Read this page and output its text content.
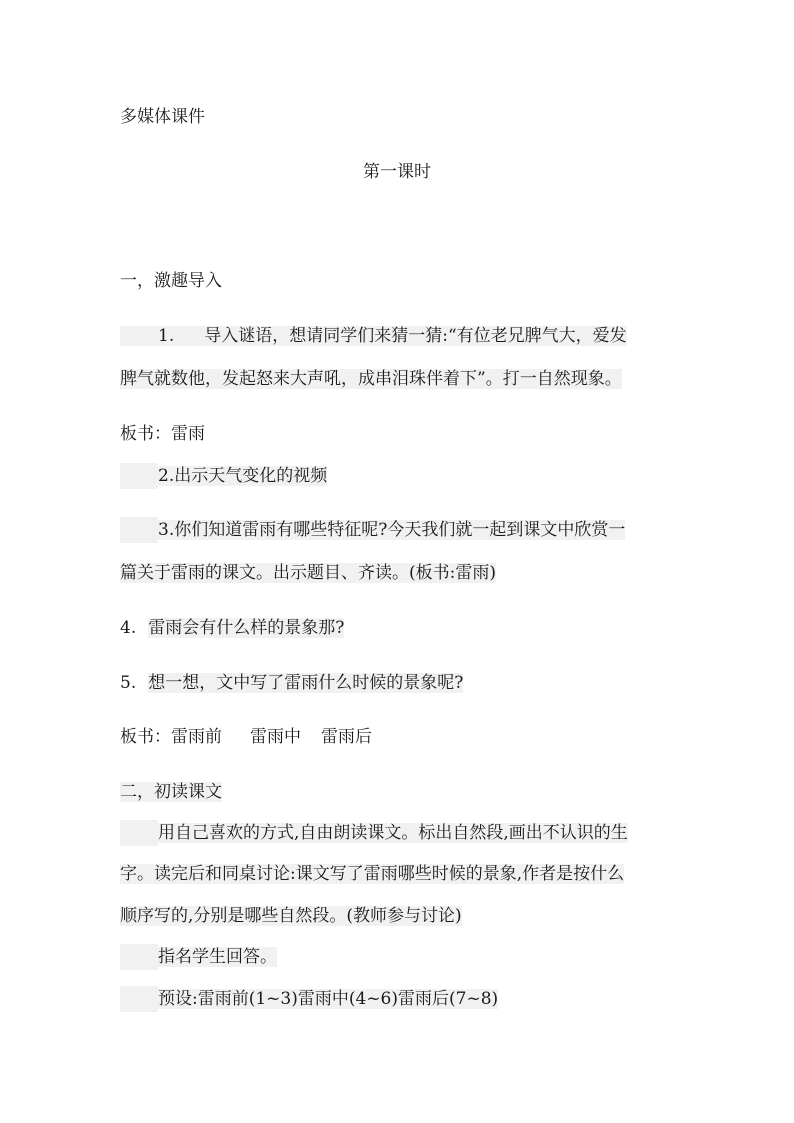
多媒体课件
第一课时
一，激趣导入
1. 导入谜语，想请同学们来猜一猜:“有位老兄脾气大，爱发
脾气就数他，发起怒来大声吼，成串泪珠伴着下”。打一自然现象。
板书：雷雨
2.出示天气变化的视频
3.你们知道雷雨有哪些特征呢?今天我们就一起到课文中欣赏一
篇关于雷雨的课文。出示题目、齐读。(板书:雷雨)
4. 雷雨会有什么样的景象那?
5. 想一想，文中写了雷雨什么时候的景象呢?
板书：雷雨前 雷雨中 雷雨后
二，初读课文
用自己喜欢的方式,自由朗读课文。标出自然段,画出不认识的生
字。读完后和同桌讨论:课文写了雷雨哪些时候的景象,作者是按什么
顺序写的,分别是哪些自然段。(教师参与讨论)
指名学生回答。
预设:雷雨前(1~3)雷雨中(4~6)雷雨后(7~8)
